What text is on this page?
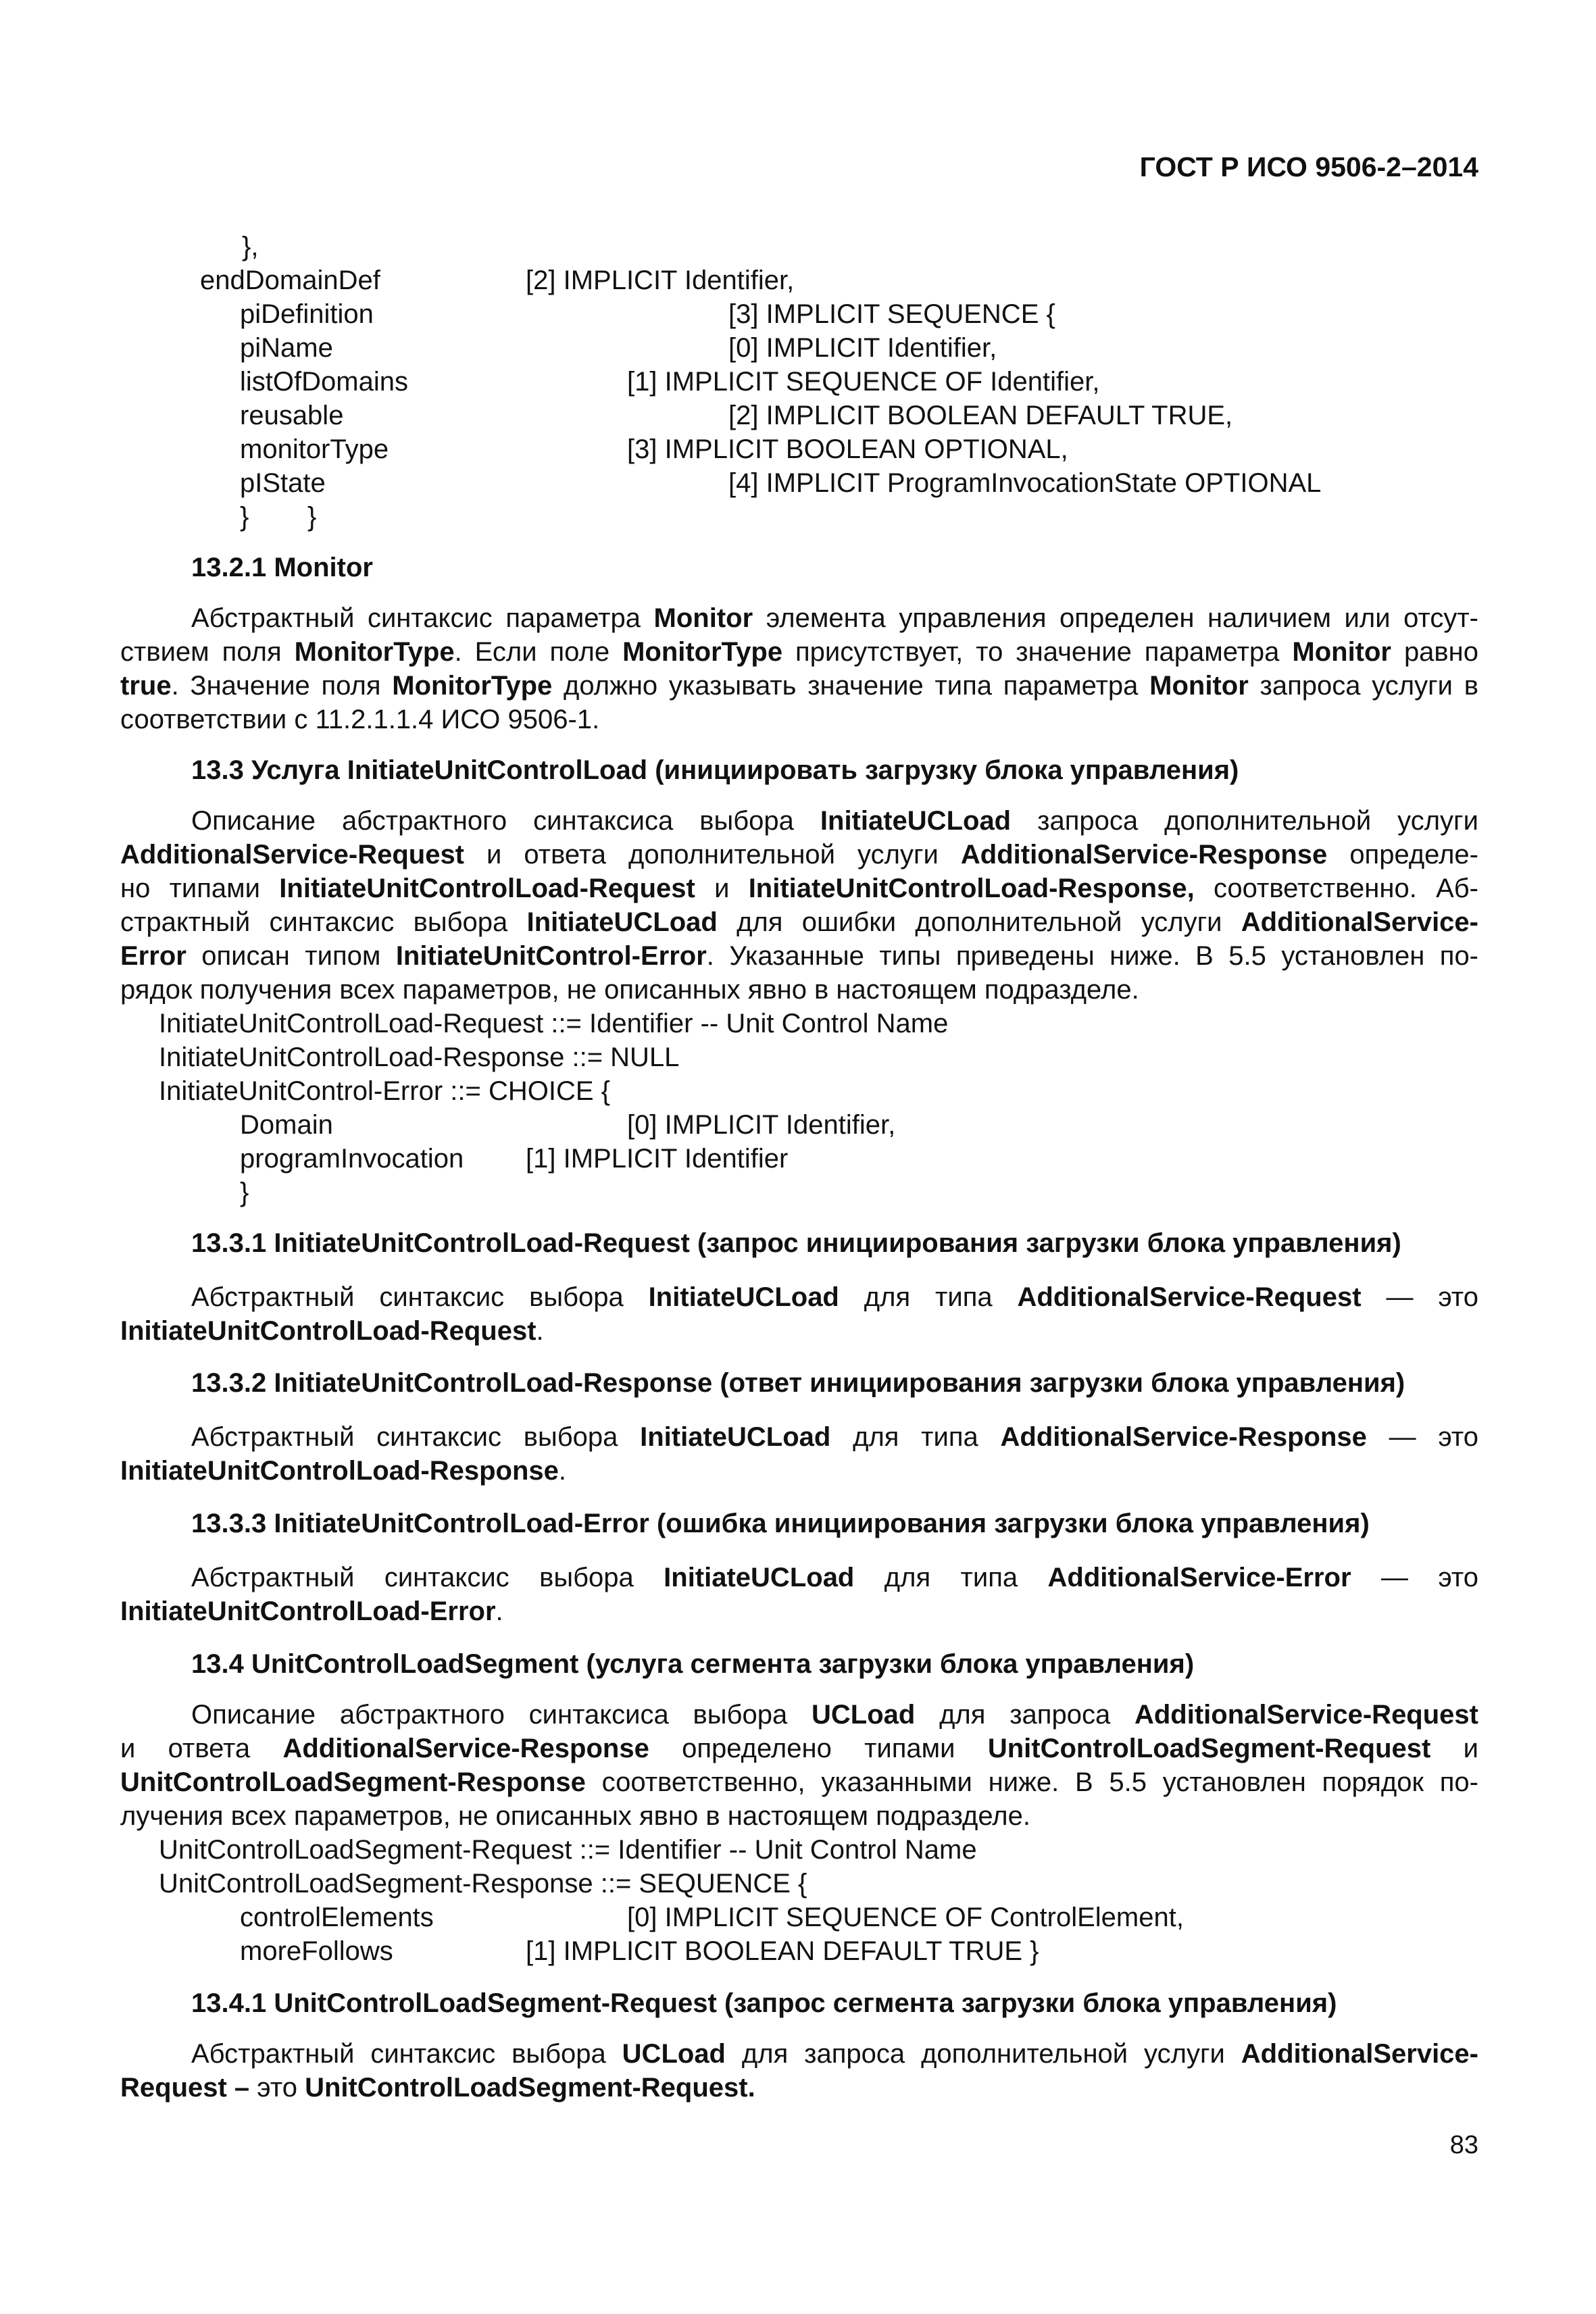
ГОСТ Р ИСО 9506-2–2014
},
endDomainDef	[2] IMPLICIT Identifier,
piDefinition	[3] IMPLICIT SEQUENCE {
piName	[0] IMPLICIT Identifier,
listOfDomains	[1] IMPLICIT SEQUENCE OF Identifier,
reusable	[2] IMPLICIT BOOLEAN DEFAULT TRUE,
monitorType	[3] IMPLICIT BOOLEAN OPTIONAL,
pIState	[4] IMPLICIT ProgramInvocationState OPTIONAL
} }
13.2.1 Monitor
Абстрактный синтаксис параметра Monitor элемента управления определен наличием или отсут-
ствием поля MonitorType. Если поле MonitorType присутствует, то значение параметра Monitor равно
true. Значение поля MonitorType должно указывать значение типа параметра Monitor запроса услуги в
соответствии с 11.2.1.1.4 ИСО 9506-1.
13.3 Услуга InitiateUnitControlLoad (инициировать загрузку блока управления)
Описание абстрактного синтаксиса выбора InitiateUCLoad запроса дополнительной услуги
AdditionalService-Request и ответа дополнительной услуги AdditionalService-Response определе-
но типами InitiateUnitControlLoad-Request и InitiateUnitControlLoad-Response, соответственно. Аб-
страктный синтаксис выбора InitiateUCLoad для ошибки дополнительной услуги AdditionalService-
Error описан типом InitiateUnitControl-Error. Указанные типы приведены ниже. В 5.5 установлен по-
рядок получения всех параметров, не описанных явно в настоящем подразделе.
InitiateUnitControlLoad-Request ::= Identifier -- Unit Control Name
InitiateUnitControlLoad-Response ::= NULL
InitiateUnitControl-Error ::= CHOICE {
Domain	[0] IMPLICIT Identifier,
programInvocation [1] IMPLICIT Identifier
}
13.3.1 InitiateUnitControlLoad-Request (запрос инициирования загрузки блока управления)
Абстрактный синтаксис выбора InitiateUCLoad для типа AdditionalService-Request — это
InitiateUnitControlLoad-Request.
13.3.2 InitiateUnitControlLoad-Response (ответ инициирования загрузки блока управления)
Абстрактный синтаксис выбора InitiateUCLoad для типа AdditionalService-Response — это
InitiateUnitControlLoad-Response.
13.3.3 InitiateUnitControlLoad-Error (ошибка инициирования загрузки блока управления)
Абстрактный синтаксис выбора InitiateUCLoad для типа AdditionalService-Error — это
InitiateUnitControlLoad-Error.
13.4 UnitControlLoadSegment (услуга сегмента загрузки блока управления)
Описание абстрактного синтаксиса выбора UCLoad для запроса AdditionalService-Request
и ответа AdditionalService-Response определено типами UnitControlLoadSegment-Request и
UnitControlLoadSegment-Response соответственно, указанными ниже. В 5.5 установлен порядок по-
лучения всех параметров, не описанных явно в настоящем подразделе.
UnitControlLoadSegment-Request ::= Identifier -- Unit Control Name
UnitControlLoadSegment-Response ::= SEQUENCE {
controlElements	[0] IMPLICIT SEQUENCE OF ControlElement,
moreFollows	[1] IMPLICIT BOOLEAN DEFAULT TRUE }
13.4.1 UnitControlLoadSegment-Request (запрос сегмента загрузки блока управления)
Абстрактный синтаксис выбора UCLoad для запроса дополнительной услуги AdditionalService-
Request – это UnitControlLoadSegment-Request.
83
